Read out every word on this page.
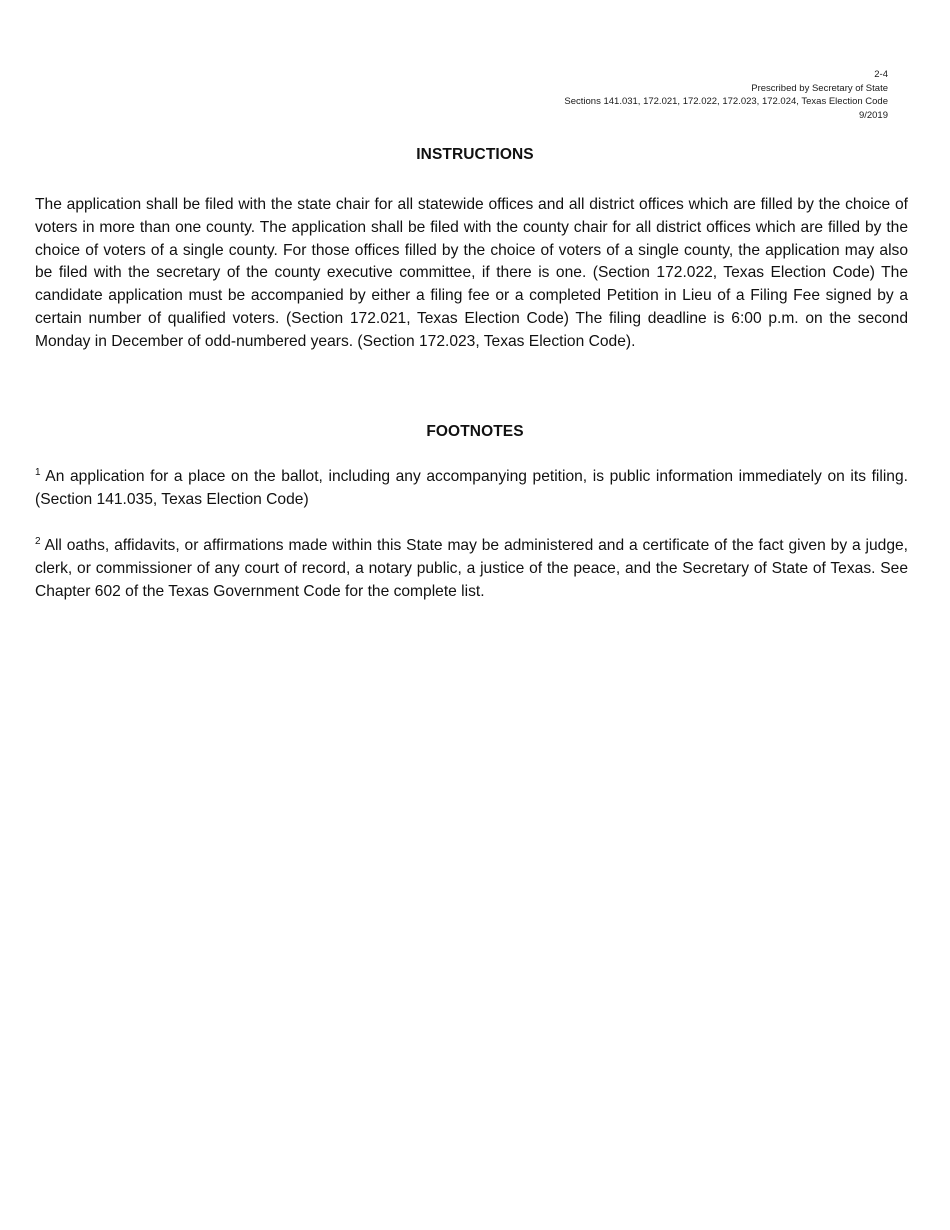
2-4
Prescribed by Secretary of State
Sections 141.031, 172.021, 172.022, 172.023, 172.024, Texas Election Code
9/2019
INSTRUCTIONS

The application shall be filed with the state chair for all statewide offices and all district offices which are filled by the choice of voters in more than one county. The application shall be filed with the county chair for all district offices which are filled by the choice of voters of a single county. For those offices filled by the choice of voters of a single county, the application may also be filed with the secretary of the county executive committee, if there is one. (Section 172.022, Texas Election Code) The candidate application must be accompanied by either a filing fee or a completed Petition in Lieu of a Filing Fee signed by a certain number of qualified voters. (Section 172.021, Texas Election Code) The filing deadline is 6:00 p.m. on the second Monday in December of odd-numbered years. (Section 172.023, Texas Election Code).

FOOTNOTES

$^1$ An application for a place on the ballot, including any accompanying petition, is public information immediately on its filing. (Section 141.035, Texas Election Code)

$^2$ All oaths, affidavits, or affirmations made within this State may be administered and a certificate of the fact given by a judge, clerk, or commissioner of any court of record, a notary public, a justice of the peace, and the Secretary of State of Texas. See Chapter 602 of the Texas Government Code for the complete list.
